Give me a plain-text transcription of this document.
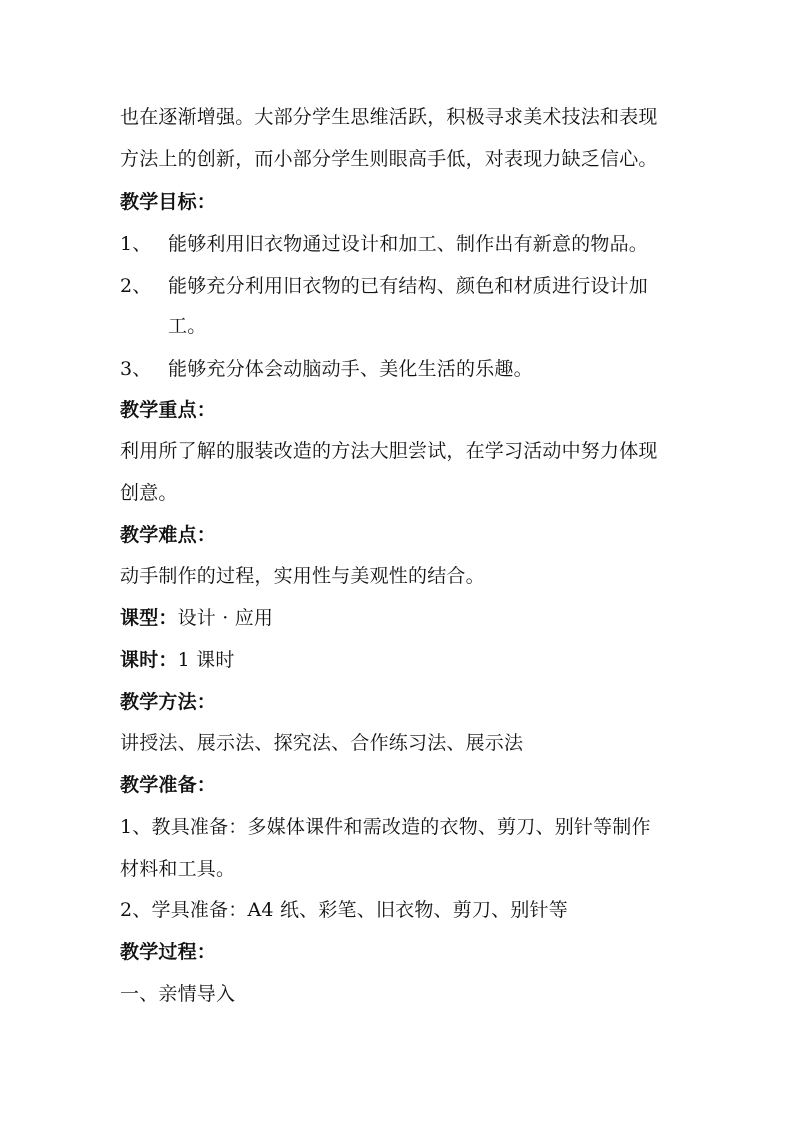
也在逐渐增强。大部分学生思维活跃，积极寻求美术技法和表现
方法上的创新，而小部分学生则眼高手低，对表现力缺乏信心。
教学目标：
1、 能够利用旧衣物通过设计和加工、制作出有新意的物品。
2、 能够充分利用旧衣物的已有结构、颜色和材质进行设计加
工。
3、 能够充分体会动脑动手、美化生活的乐趣。
教学重点：
利用所了解的服装改造的方法大胆尝试，在学习活动中努力体现
创意。
教学难点：
动手制作的过程，实用性与美观性的结合。
课型：设计 · 应用
课时：1 课时
教学方法：
讲授法、展示法、探究法、合作练习法、展示法
教学准备：
1、教具准备：多媒体课件和需改造的衣物、剪刀、别针等制作
材料和工具。
2、学具准备：A4 纸、彩笔、旧衣物、剪刀、别针等
教学过程：
一、亲情导入
